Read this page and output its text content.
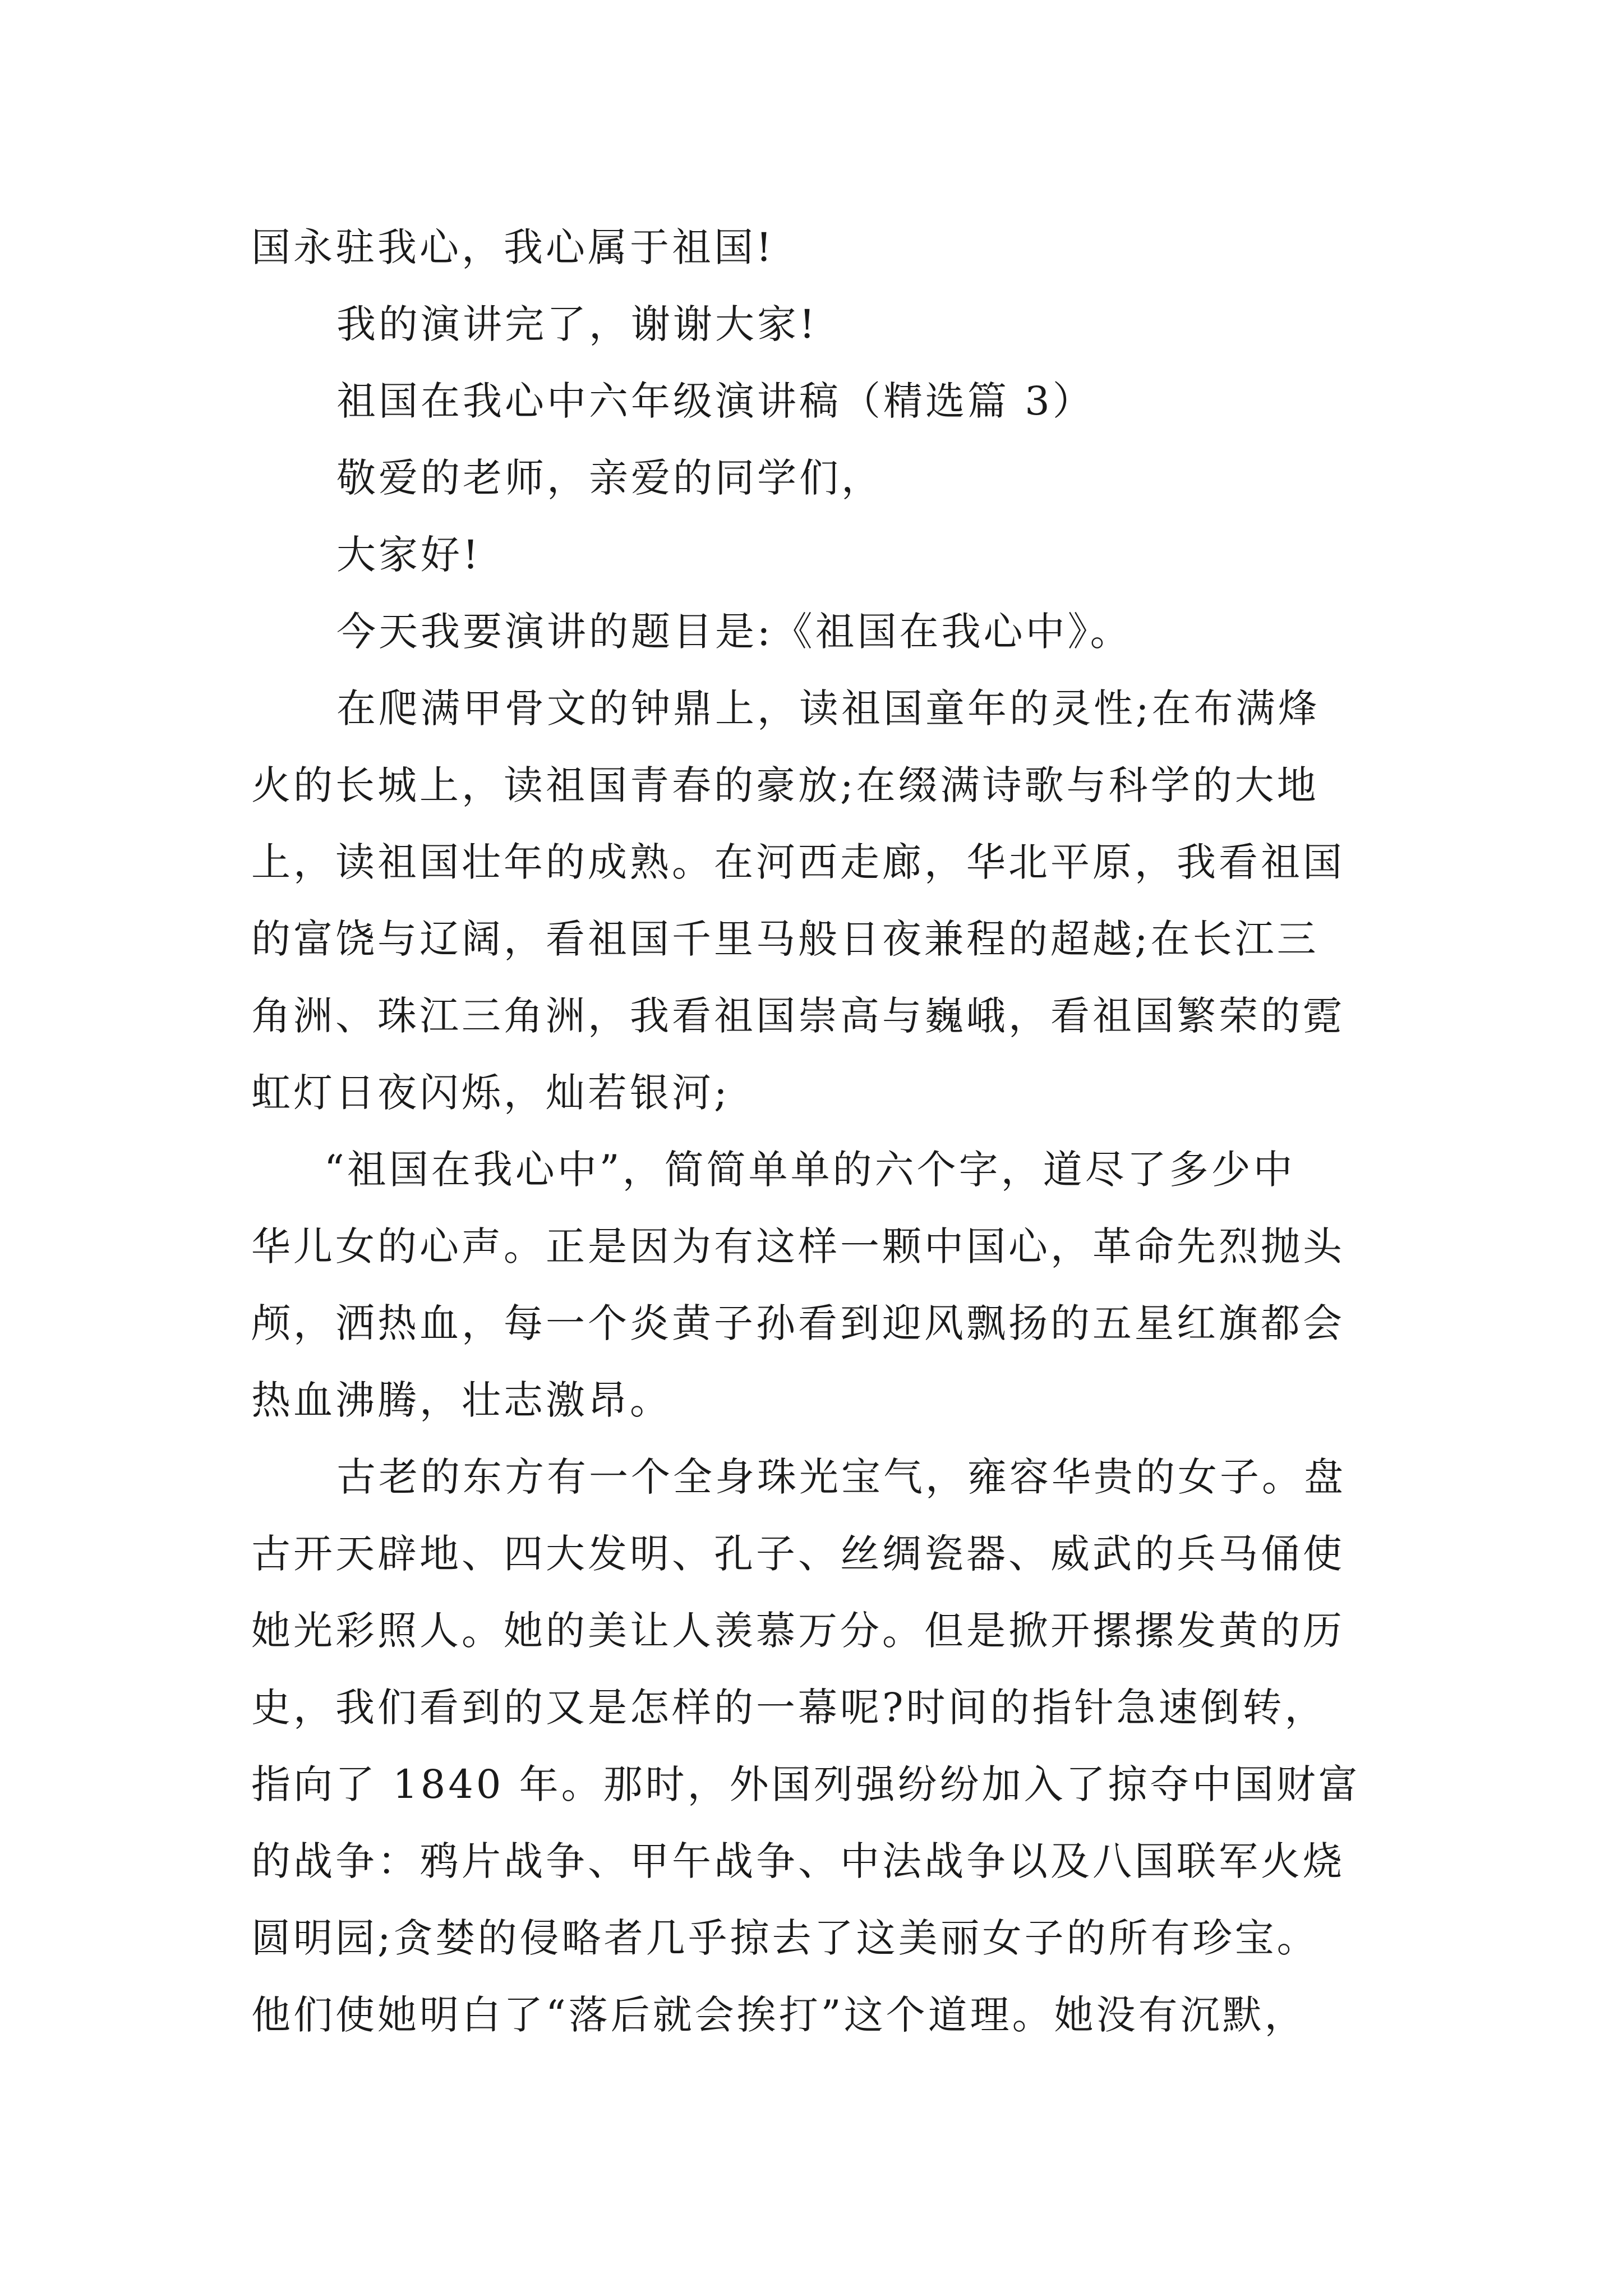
国永驻我心，我心属于祖国!
我的演讲完了，谢谢大家!
祖国在我心中六年级演讲稿（精选篇 3）
敬爱的老师，亲爱的同学们，
大家好!
今天我要演讲的题目是:《祖国在我心中》。
在爬满甲骨文的钟鼎上，读祖国童年的灵性;在布满烽
火的长城上，读祖国青春的豪放;在缀满诗歌与科学的大地
上，读祖国壮年的成熟。在河西走廊，华北平原，我看祖国
的富饶与辽阔，看祖国千里马般日夜兼程的超越;在长江三
角洲、珠江三角洲，我看祖国崇高与巍峨，看祖国繁荣的霓
虹灯日夜闪烁，灿若银河;
“祖国在我心中”，简简单单的六个字，道尽了多少中
华儿女的心声。正是因为有这样一颗中国心，革命先烈抛头
颅，洒热血，每一个炎黄子孙看到迎风飘扬的五星红旗都会
热血沸腾，壮志激昂。
古老的东方有一个全身珠光宝气，雍容华贵的女子。盘
古开天辟地、四大发明、孔子、丝绸瓷器、威武的兵马俑使
她光彩照人。她的美让人羡慕万分。但是掀开摞摞发黄的历
史，我们看到的又是怎样的一幕呢?时间的指针急速倒转，
指向了 1840 年。那时，外国列强纷纷加入了掠夺中国财富
的战争：鸦片战争、甲午战争、中法战争以及八国联军火烧
圆明园;贪婪的侵略者几乎掠去了这美丽女子的所有珍宝。
他们使她明白了“落后就会挨打”这个道理。她没有沉默，
